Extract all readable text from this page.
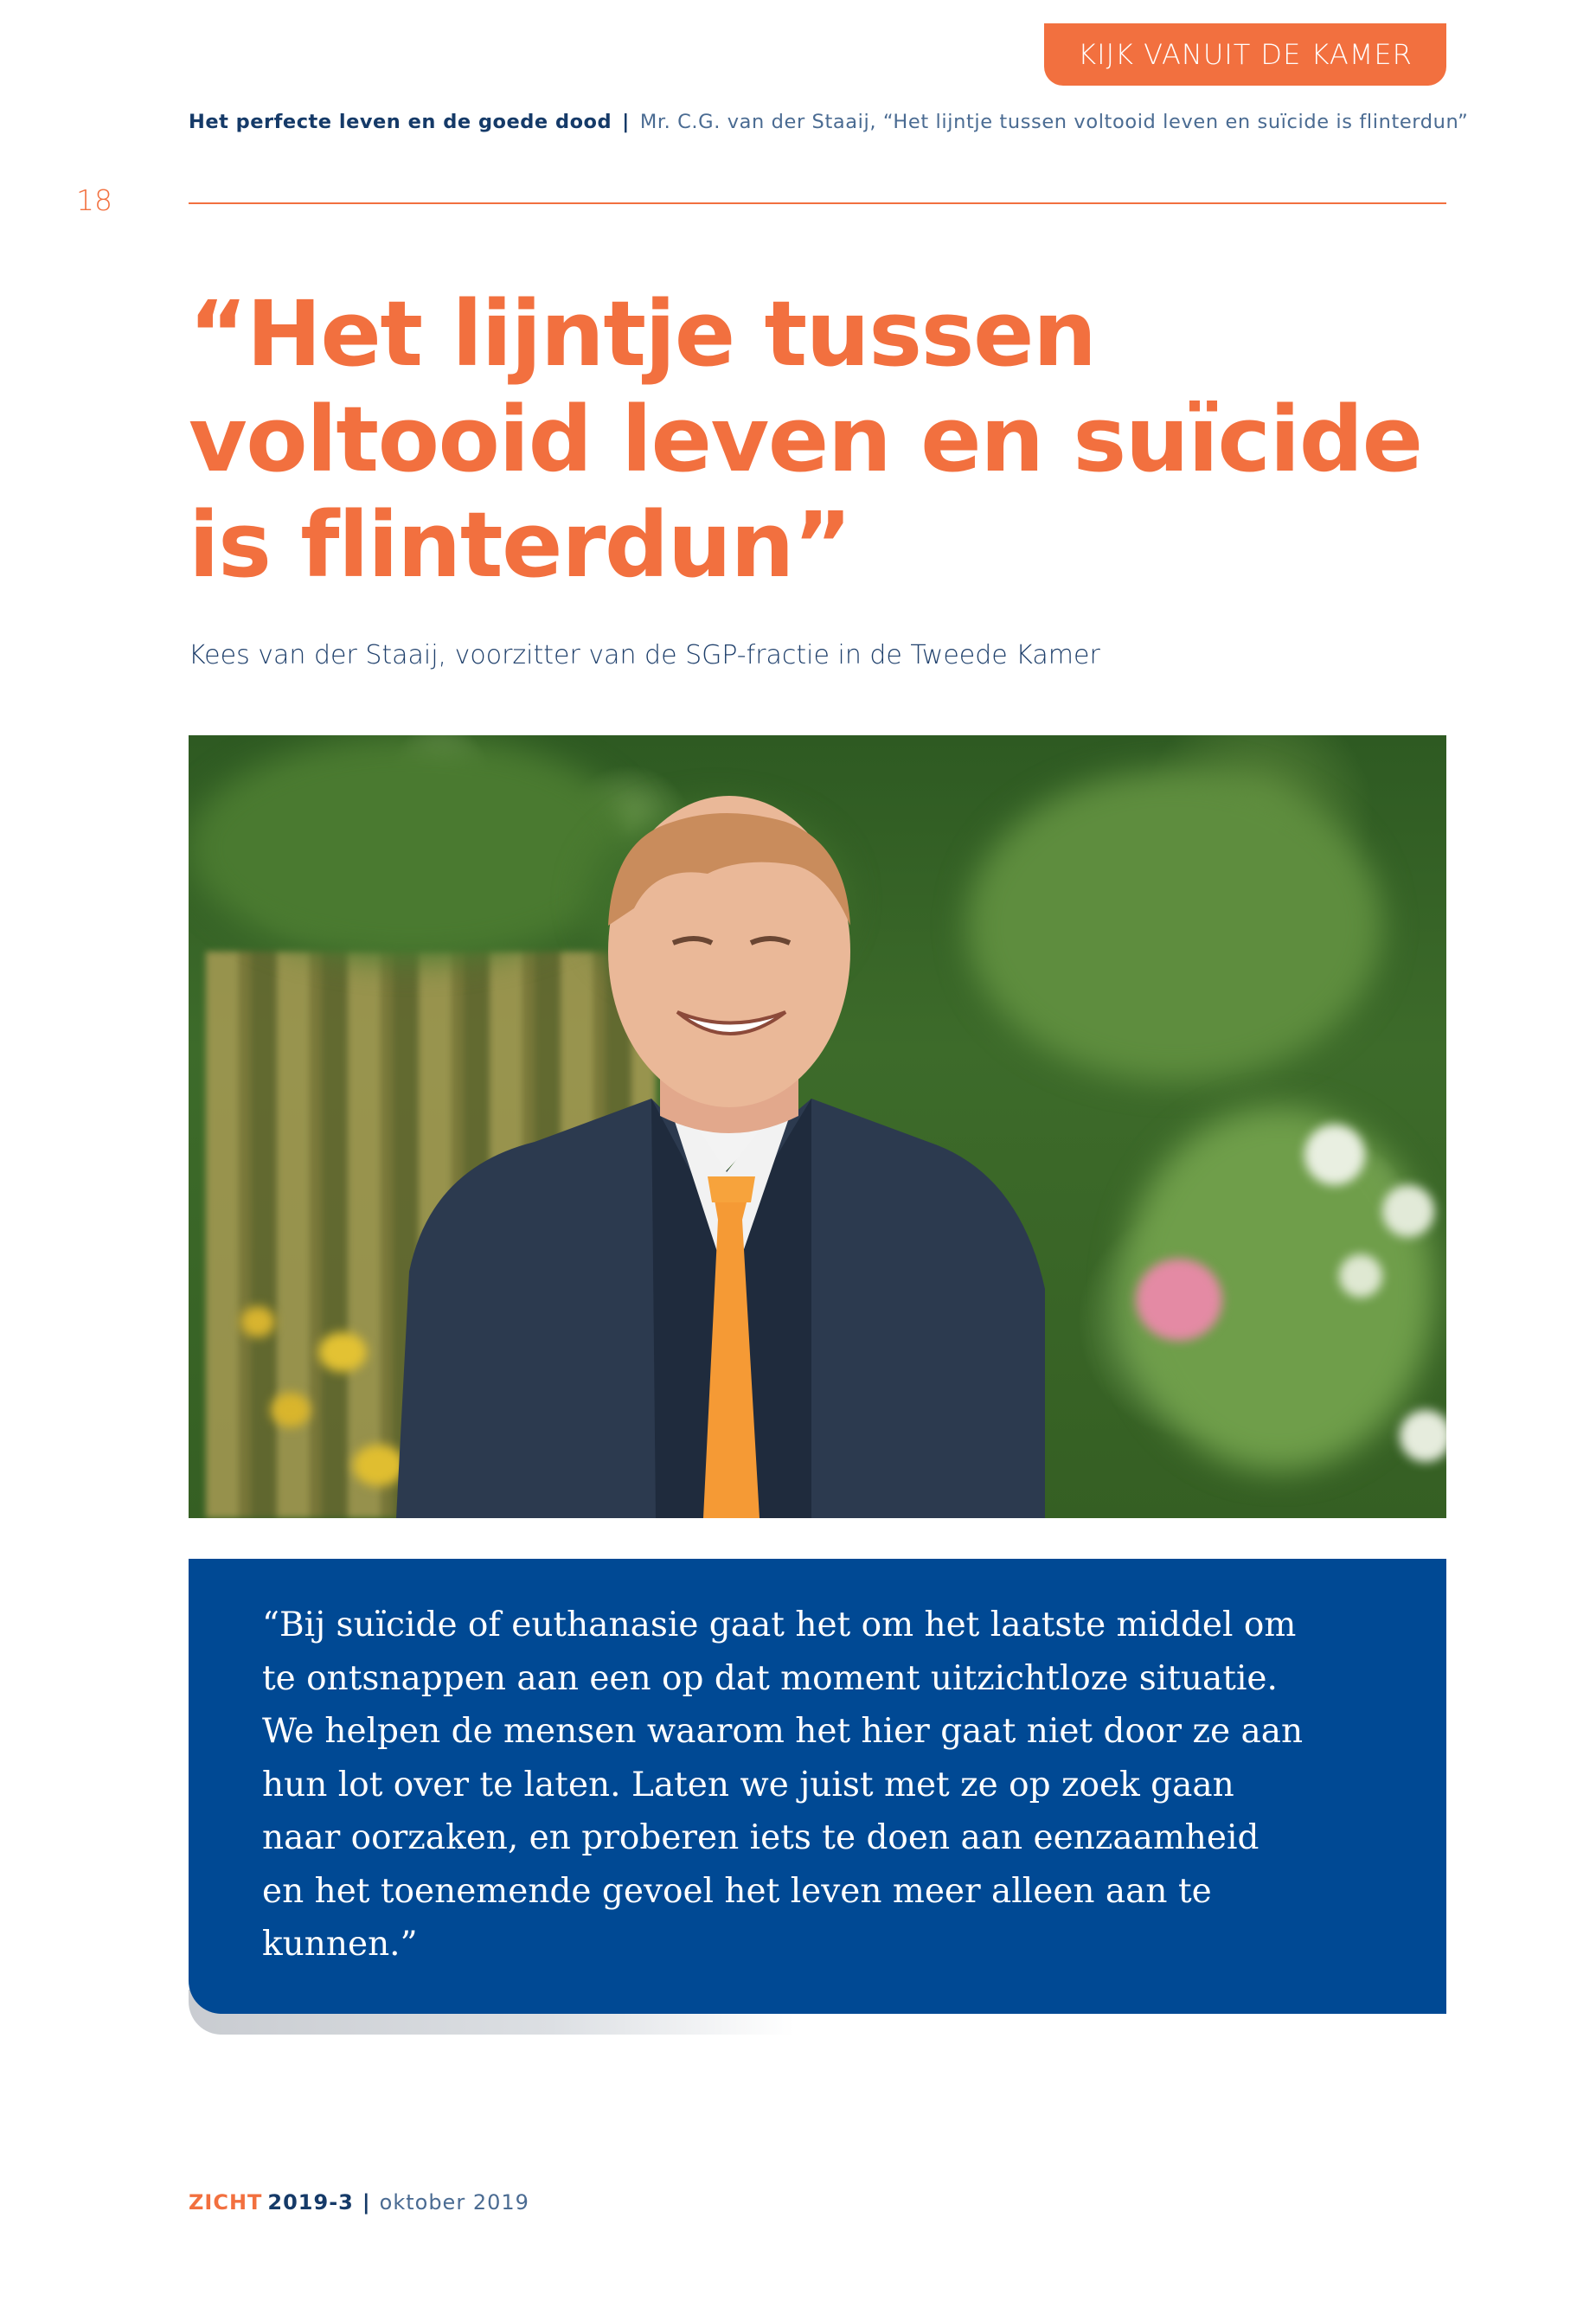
KIJK VANUIT DE KAMER
Het perfecte leven en de goede dood | Mr. C.G. van der Staaij, “Het lijntje tussen voltooid leven en suïcide is flinterdun”
18
“Het lijntje tussen
voltooid leven en suïcide
is flinterdun”
Kees van der Staaij, voorzitter van de SGP-fractie in de Tweede Kamer

“Bij suïcide of euthanasie gaat het om het laatste middel om
te ontsnappen aan een op dat moment uitzichtloze situatie.
We helpen de mensen waarom het hier gaat niet door ze aan
hun lot over te laten. Laten we juist met ze op zoek gaan
naar oorzaken, en proberen iets te doen aan eenzaamheid
en het toenemende gevoel het leven meer alleen aan te
kunnen.”

ZICHT 2019-3 | oktober 2019
